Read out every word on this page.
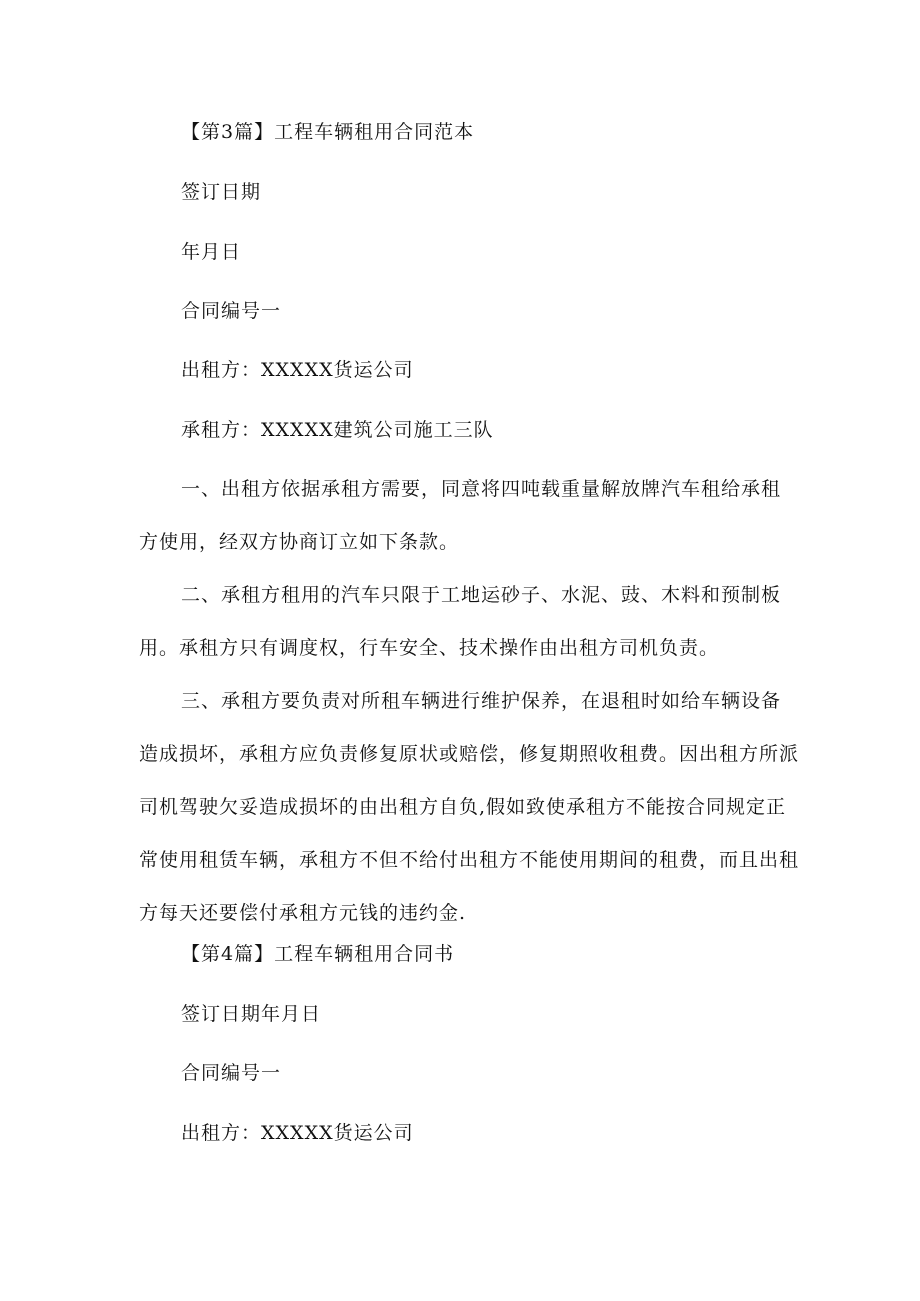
【第3篇】工程车辆租用合同范本
签订日期
年月日
合同编号一
出租方：XXXXX货运公司
承租方：XXXXX建筑公司施工三队
一、出租方依据承租方需要，同意将四吨载重量解放牌汽车租给承租
方使用，经双方协商订立如下条款。
二、承租方租用的汽车只限于工地运砂子、水泥、豉、木料和预制板
用。承租方只有调度权，行车安全、技术操作由出租方司机负责。
三、承租方要负责对所租车辆进行维护保养，在退租时如给车辆设备
造成损坏，承租方应负责修复原状或赔偿，修复期照收租费。因出租方所派
司机驾驶欠妥造成损坏的由出租方自负,假如致使承租方不能按合同规定正
常使用租赁车辆，承租方不但不给付出租方不能使用期间的租费，而且出租
方每天还要偿付承租方元钱的违约金.
【第4篇】工程车辆租用合同书
签订日期年月日
合同编号一
出租方：XXXXX货运公司
